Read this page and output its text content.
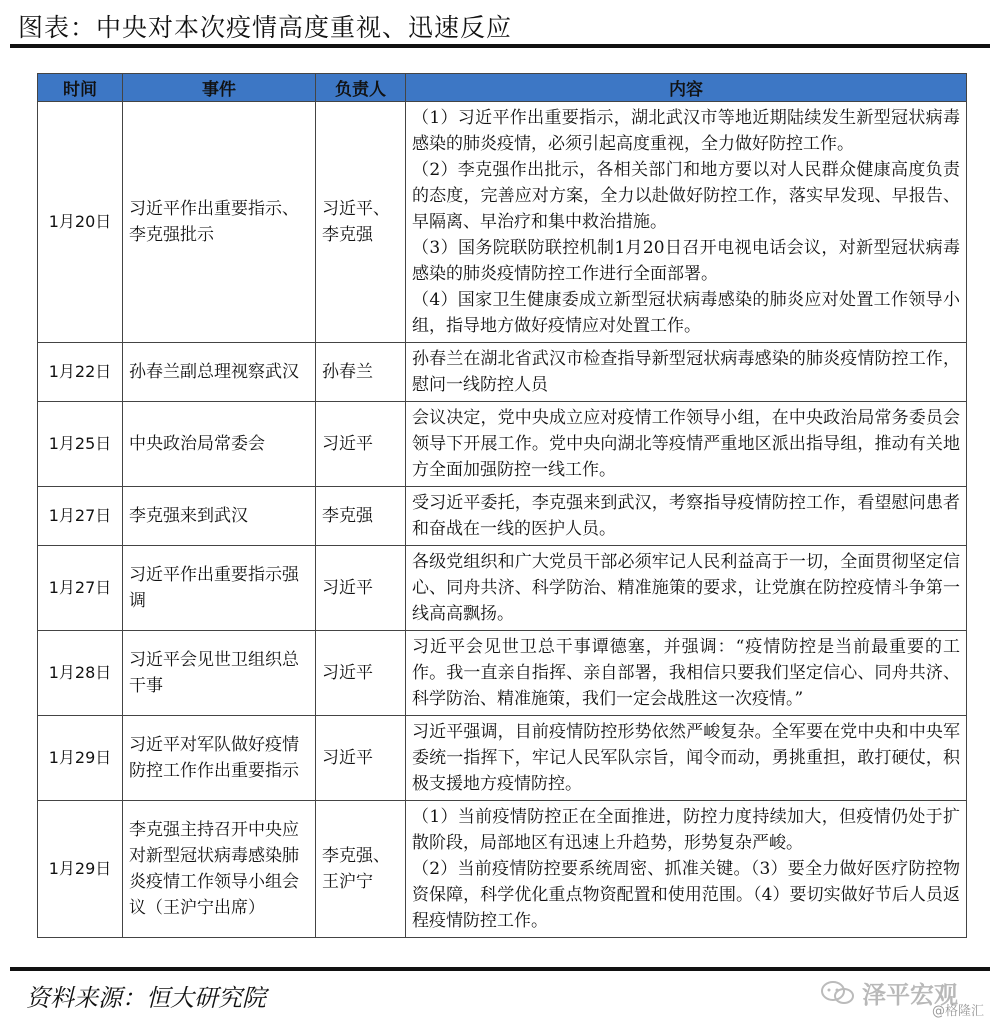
图表：中央对本次疫情高度重视、迅速反应
时间	事件	负责人	内容
1月20日	习近平作出重要指示、李克强批示	习近平、李克强	（1）习近平作出重要指示，湖北武汉市等地近期陆续发生新型冠状病毒感染的肺炎疫情，必须引起高度重视，全力做好防控工作。
（2）李克强作出批示，各相关部门和地方要以对人民群众健康高度负责的态度，完善应对方案，全力以赴做好防控工作，落实早发现、早报告、早隔离、早治疗和集中救治措施。
（3）国务院联防联控机制1月20日召开电视电话会议，对新型冠状病毒感染的肺炎疫情防控工作进行全面部署。
（4）国家卫生健康委成立新型冠状病毒感染的肺炎应对处置工作领导小组，指导地方做好疫情应对处置工作。

1月22日	孙春兰副总理视察武汉	孙春兰	孙春兰在湖北省武汉市检查指导新型冠状病毒感染的肺炎疫情防控工作，慰问一线防控人员

1月25日	中央政治局常委会	习近平	会议决定，党中央成立应对疫情工作领导小组，在中央政治局常务委员会领导下开展工作。党中央向湖北等疫情严重地区派出指导组，推动有关地方全面加强防控一线工作。

1月27日	李克强来到武汉	李克强	受习近平委托，李克强来到武汉，考察指导疫情防控工作，看望慰问患者和奋战在一线的医护人员。

1月27日	习近平作出重要指示强调	习近平	各级党组织和广大党员干部必须牢记人民利益高于一切，全面贯彻坚定信心、同舟共济、科学防治、精准施策的要求，让党旗在防控疫情斗争第一线高高飘扬。

1月28日	习近平会见世卫组织总干事	习近平	习近平会见世卫总干事谭德塞，并强调：“疫情防控是当前最重要的工作。我一直亲自指挥、亲自部署，我相信只要我们坚定信心、同舟共济、科学防治、精准施策，我们一定会战胜这一次疫情。”

1月29日	习近平对军队做好疫情防控工作作出重要指示	习近平	习近平强调，目前疫情防控形势依然严峻复杂。全军要在党中央和中央军委统一指挥下，牢记人民军队宗旨，闻令而动，勇挑重担，敢打硬仗，积极支援地方疫情防控。

1月29日	李克强主持召开中央应对新型冠状病毒感染肺炎疫情工作领导小组会议（王沪宁出席）	李克强、王沪宁	（1）当前疫情防控正在全面推进，防控力度持续加大，但疫情仍处于扩散阶段，局部地区有迅速上升趋势，形势复杂严峻。
（2）当前疫情防控要系统周密、抓准关键。（3）要全力做好医疗防控物资保障，科学优化重点物资配置和使用范围。（4）要切实做好节后人员返程疫情防控工作。
资料来源：恒大研究院	泽平宏观
@格隆汇
